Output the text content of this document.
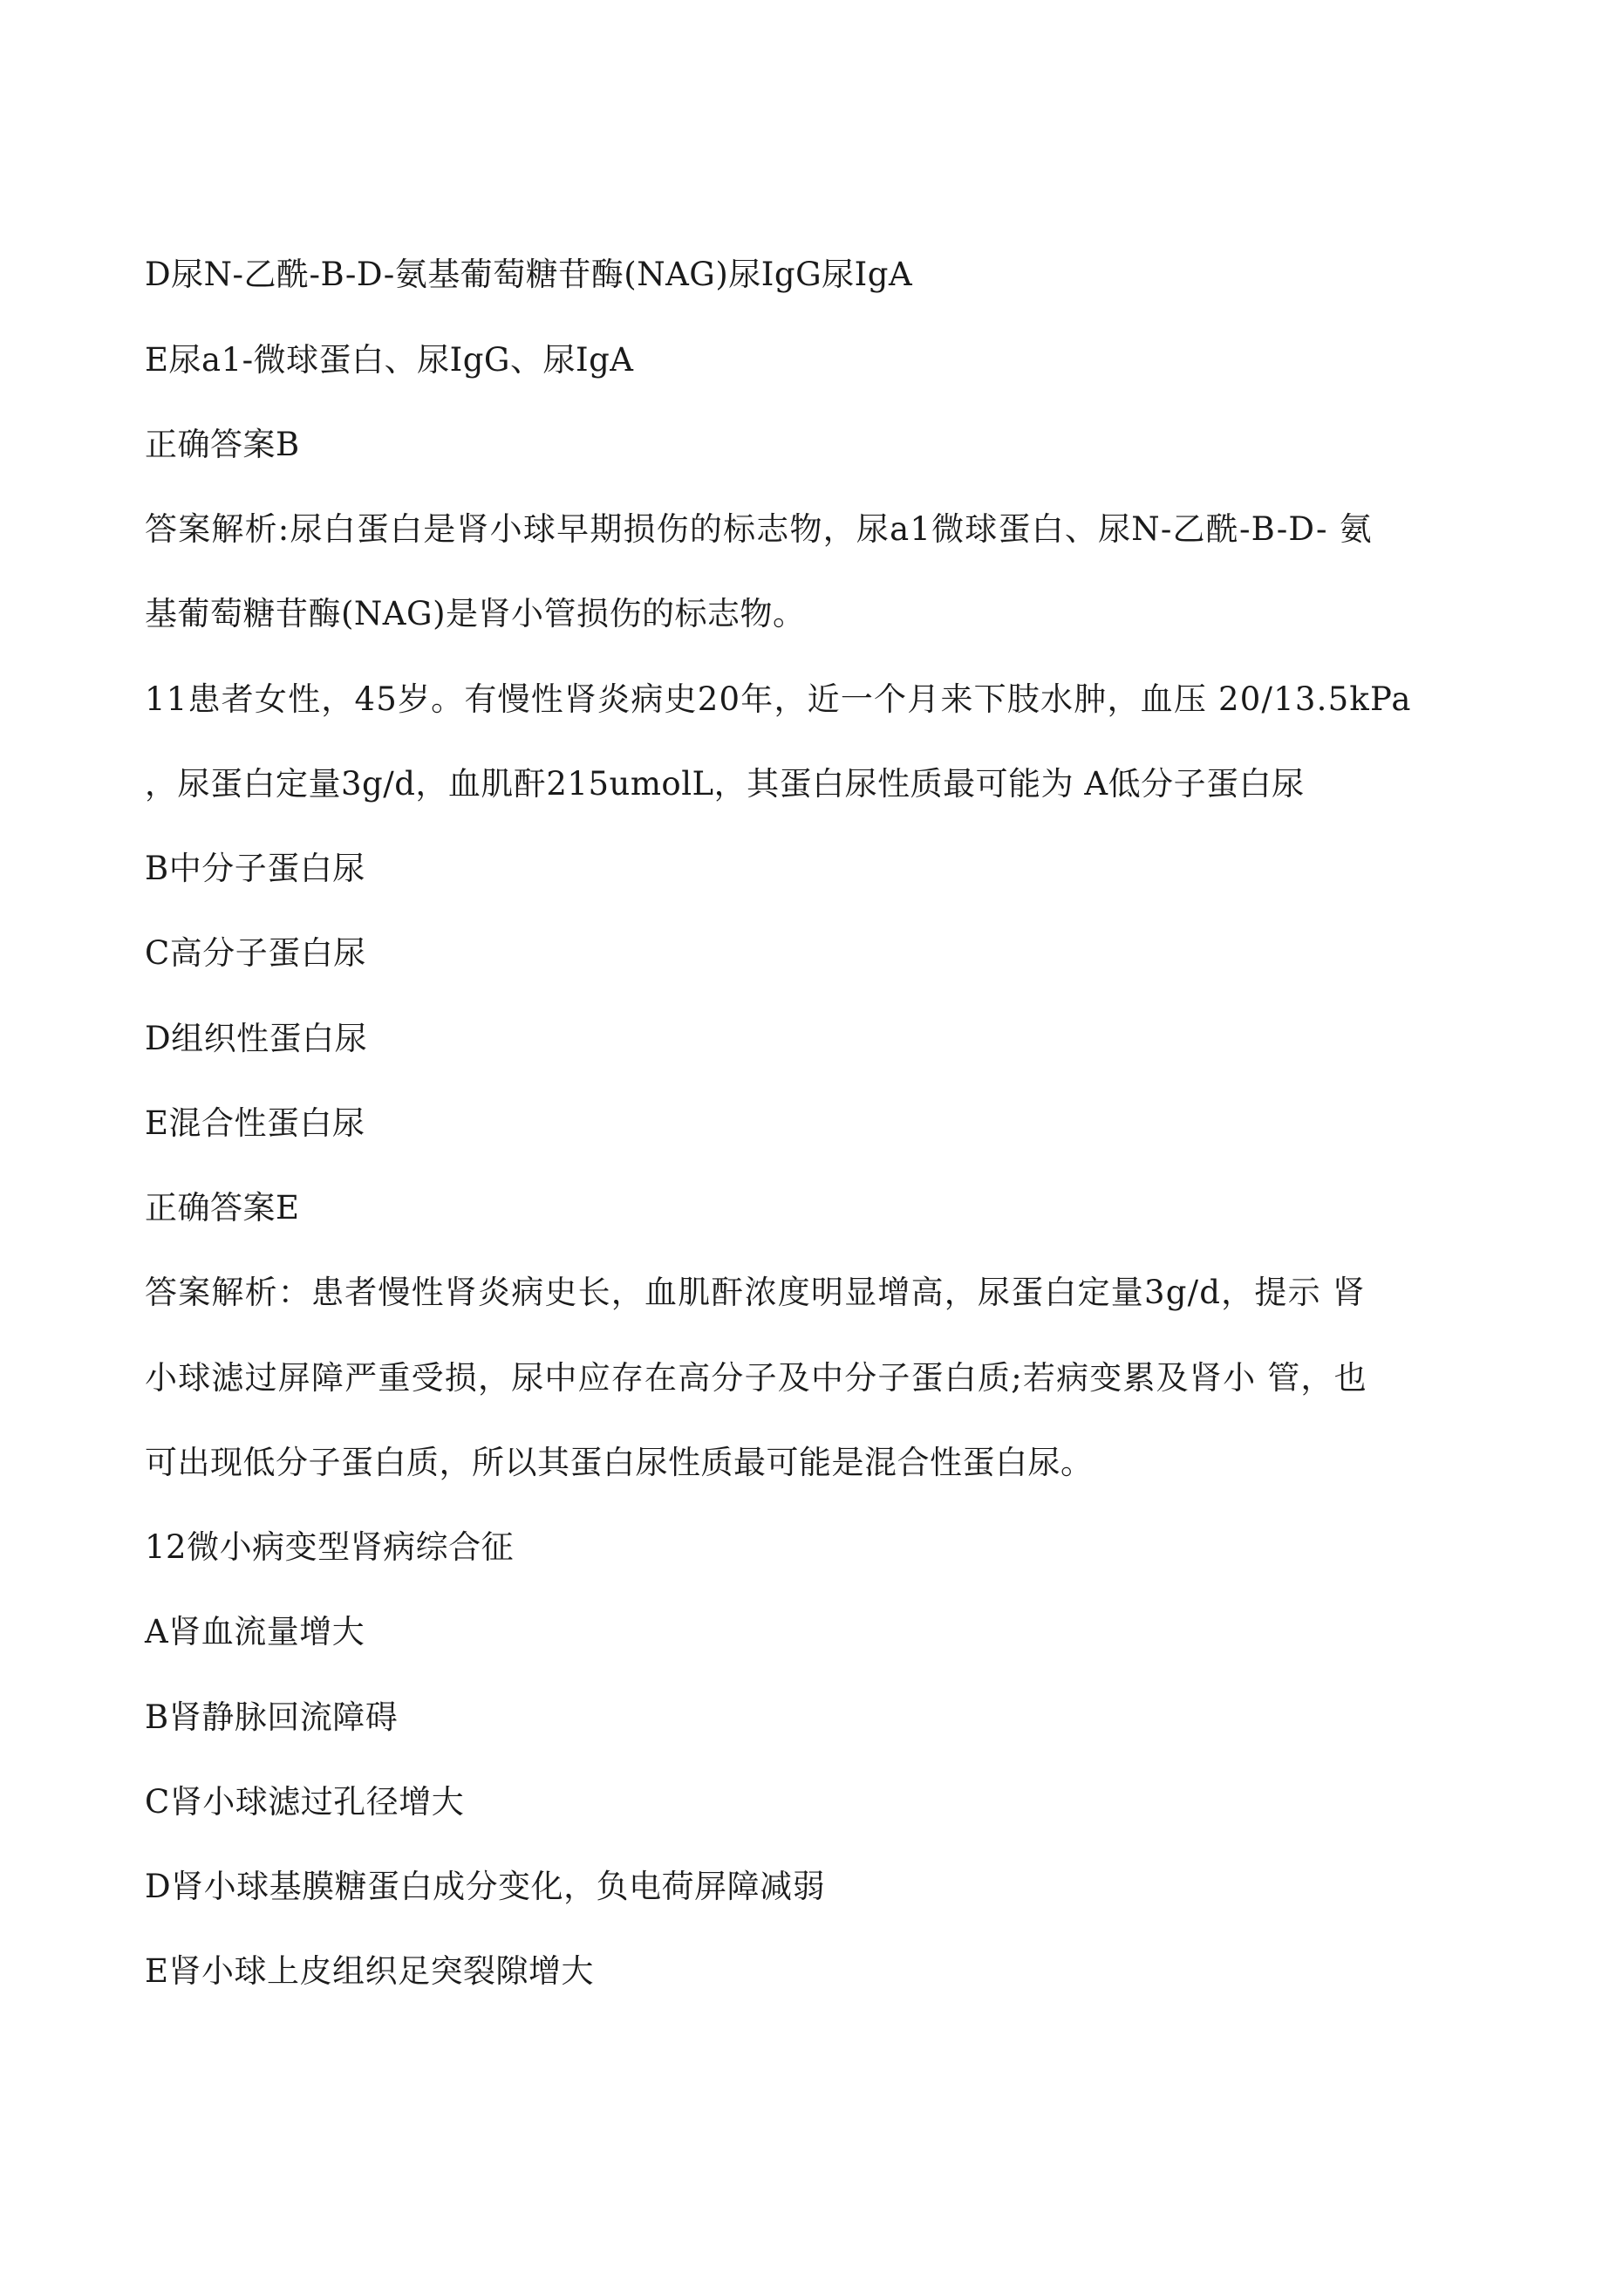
D尿N-乙酰-B-D-氨基葡萄糖苷酶(NAG)尿IgG尿IgA
E尿a1-微球蛋白、尿IgG、尿IgA
正确答案B
答案解析:尿白蛋白是肾小球早期损伤的标志物，尿a1微球蛋白、尿N-乙酰-B-D- 氨
基葡萄糖苷酶(NAG)是肾小管损伤的标志物。
11患者女性，45岁。有慢性肾炎病史20年，近一个月来下肢水肿，血压 20/13.5kPa
，尿蛋白定量3g/d，血肌酐215umolL，其蛋白尿性质最可能为 A低分子蛋白尿
B中分子蛋白尿
C高分子蛋白尿
D组织性蛋白尿
E混合性蛋白尿
正确答案E
答案解析：患者慢性肾炎病史长，血肌酐浓度明显增高，尿蛋白定量3g/d，提示 肾
小球滤过屏障严重受损，尿中应存在高分子及中分子蛋白质;若病变累及肾小 管，也
可出现低分子蛋白质，所以其蛋白尿性质最可能是混合性蛋白尿。
12微小病变型肾病综合征
A肾血流量增大
B肾静脉回流障碍
C肾小球滤过孔径增大
D肾小球基膜糖蛋白成分变化，负电荷屏障减弱
E肾小球上皮组织足突裂隙增大
